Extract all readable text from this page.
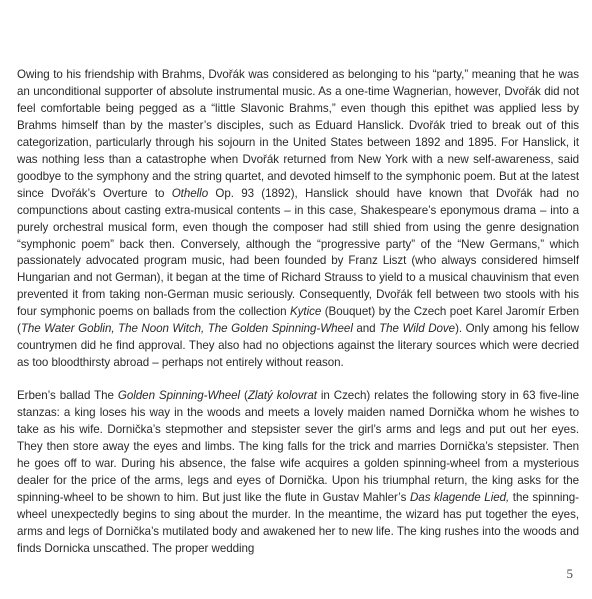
Owing to his friendship with Brahms, Dvořák was considered as belonging to his “party,” meaning that he was an unconditional supporter of absolute instrumental music. As a one-time Wagnerian, however, Dvořák did not feel comfortable being pegged as a “little Slavonic Brahms,” even though this epithet was applied less by Brahms himself than by the master’s disciples, such as Eduard Hanslick. Dvořák tried to break out of this categorization, particularly through his sojourn in the United States between 1892 and 1895. For Hanslick, it was nothing less than a catastrophe when Dvořák returned from New York with a new self-awareness, said goodbye to the symphony and the string quartet, and devoted himself to the symphonic poem. But at the latest since Dvořák’s Overture to Othello Op. 93 (1892), Hanslick should have known that Dvořák had no compunctions about casting extra-musical contents – in this case, Shakespeare’s eponymous drama – into a purely orchestral musical form, even though the composer had still shied from using the genre designation “symphonic poem” back then. Conversely, although the “progressive party” of the “New Germans,” which passionately advocated program music, had been founded by Franz Liszt (who always considered himself Hungarian and not German), it began at the time of Richard Strauss to yield to a musical chauvinism that even prevented it from taking non-German music seriously. Consequently, Dvořák fell between two stools with his four symphonic poems on ballads from the collection Kytice (Bouquet) by the Czech poet Karel Jaromír Erben (The Water Goblin, The Noon Witch, The Golden Spinning-Wheel and The Wild Dove). Only among his fellow countrymen did he find approval. They also had no objections against the literary sources which were decried as too bloodthirsty abroad – perhaps not entirely without reason.

Erben’s ballad The Golden Spinning-Wheel (Zlatý kolovrat in Czech) relates the following story in 63 five-line stanzas: a king loses his way in the woods and meets a lovely maiden named Dornička whom he wishes to take as his wife. Dornička’s stepmother and stepsister sever the girl’s arms and legs and put out her eyes. They then store away the eyes and limbs. The king falls for the trick and marries Dornička’s stepsister. Then he goes off to war. During his absence, the false wife acquires a golden spinning-wheel from a mysterious dealer for the price of the arms, legs and eyes of Dornička. Upon his triumphal return, the king asks for the spinning-wheel to be shown to him. But just like the flute in Gustav Mahler’s Das klagende Lied, the spinning-wheel unexpectedly begins to sing about the murder. In the meantime, the wizard has put together the eyes, arms and legs of Dornička’s mutilated body and awakened her to new life. The king rushes into the woods and finds Dornicka unscathed. The proper wedding

5
